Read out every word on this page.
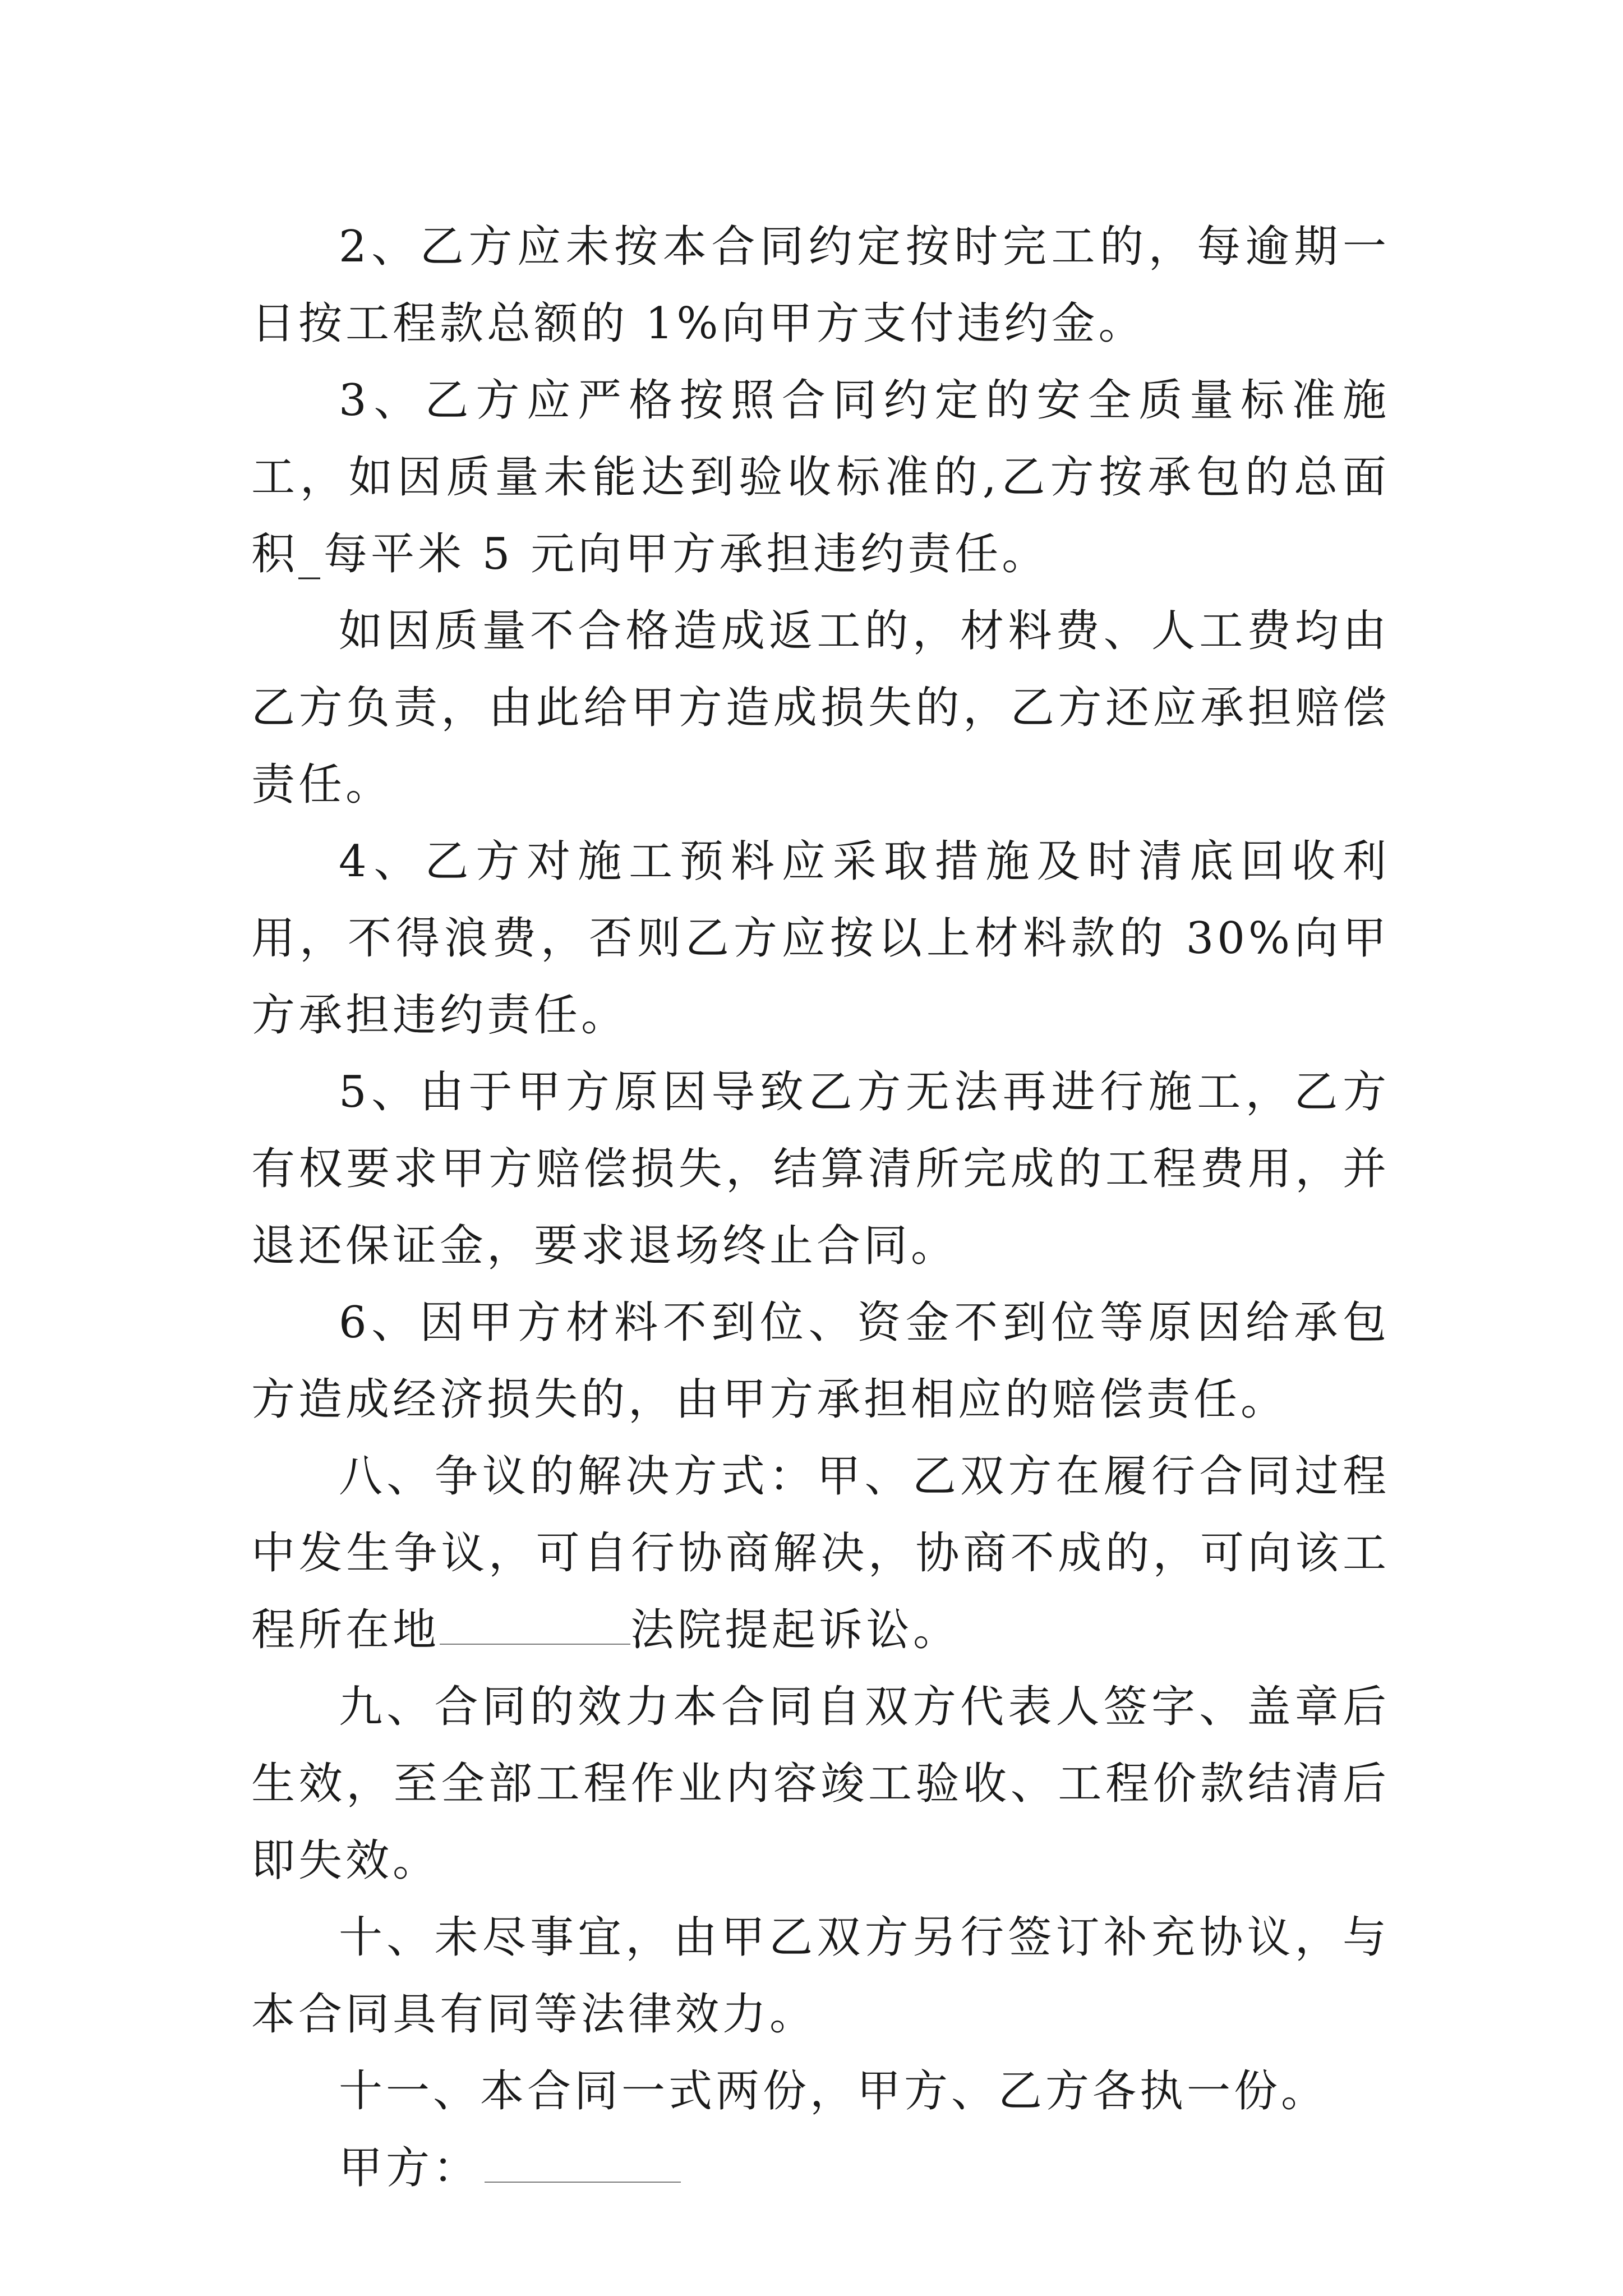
2、乙方应未按本合同约定按时完工的，每逾期一日按工程款总额的 1%向甲方支付违约金。

3、乙方应严格按照合同约定的安全质量标准施工，如因质量未能达到验收标准的,乙方按承包的总面积_每平米 5 元向甲方承担违约责任。

如因质量不合格造成返工的，材料费、人工费均由乙方负责，由此给甲方造成损失的，乙方还应承担赔偿责任。

4、乙方对施工预料应采取措施及时清底回收利用，不得浪费，否则乙方应按以上材料款的 30%向甲方承担违约责任。

5、由于甲方原因导致乙方无法再进行施工，乙方有权要求甲方赔偿损失，结算清所完成的工程费用，并退还保证金，要求退场终止合同。

6、因甲方材料不到位、资金不到位等原因给承包方造成经济损失的，由甲方承担相应的赔偿责任。

八、争议的解决方式：甲、乙双方在履行合同过程中发生争议，可自行协商解决，协商不成的，可向该工程所在地	法院提起诉讼。

九、合同的效力本合同自双方代表人签字、盖章后生效，至全部工程作业内容竣工验收、工程价款结清后即失效。

十、未尽事宜，由甲乙双方另行签订补充协议，与本合同具有同等法律效力。

十一、本合同一式两份，甲方、乙方各执一份。

甲方：
